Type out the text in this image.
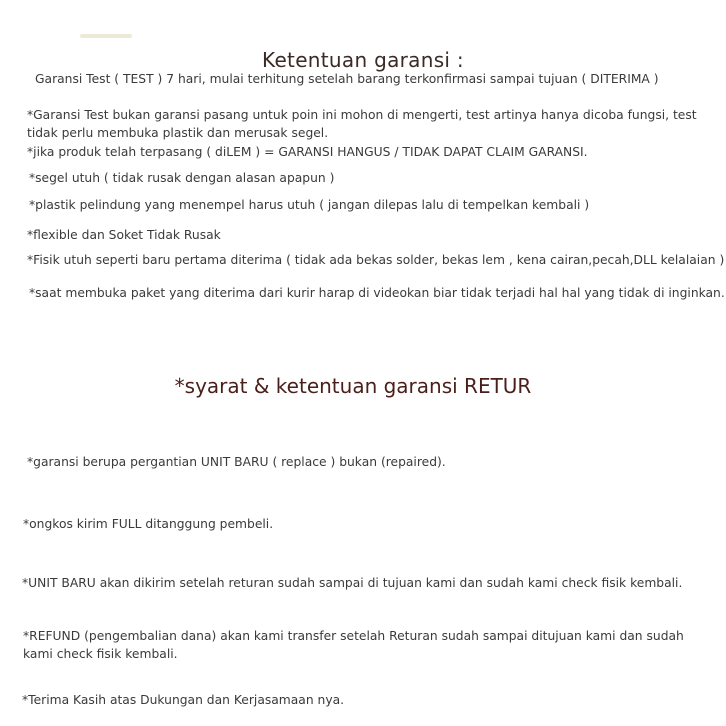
Ketentuan garansi :
Garansi Test ( TEST ) 7 hari, mulai terhitung setelah barang terkonfirmasi sampai tujuan ( DITERIMA )
*Garansi Test bukan garansi pasang untuk poin ini mohon di mengerti, test artinya hanya dicoba fungsi, test tidak perlu membuka plastik dan merusak segel.
*jika produk telah terpasang ( diLEM ) = GARANSI HANGUS / TIDAK DAPAT CLAIM GARANSI.
*segel utuh ( tidak rusak dengan alasan apapun )
*plastik pelindung yang menempel harus utuh ( jangan dilepas lalu di tempelkan kembali )
*flexible dan Soket Tidak Rusak
*Fisik utuh seperti baru pertama diterima ( tidak ada bekas solder, bekas lem , kena cairan,pecah,DLL kelalaian )
*saat membuka paket yang diterima dari kurir harap di videokan biar tidak terjadi hal hal yang tidak di inginkan.
*syarat & ketentuan garansi RETUR
*garansi berupa pergantian UNIT BARU ( replace ) bukan (repaired).
*ongkos kirim FULL ditanggung pembeli.
*UNIT BARU akan dikirim setelah returan sudah sampai di tujuan kami dan sudah kami check fisik kembali.
*REFUND (pengembalian dana) akan kami transfer setelah Returan sudah sampai ditujuan kami dan sudah kami check fisik kembali.
*Terima Kasih atas Dukungan dan Kerjasamaan nya.
